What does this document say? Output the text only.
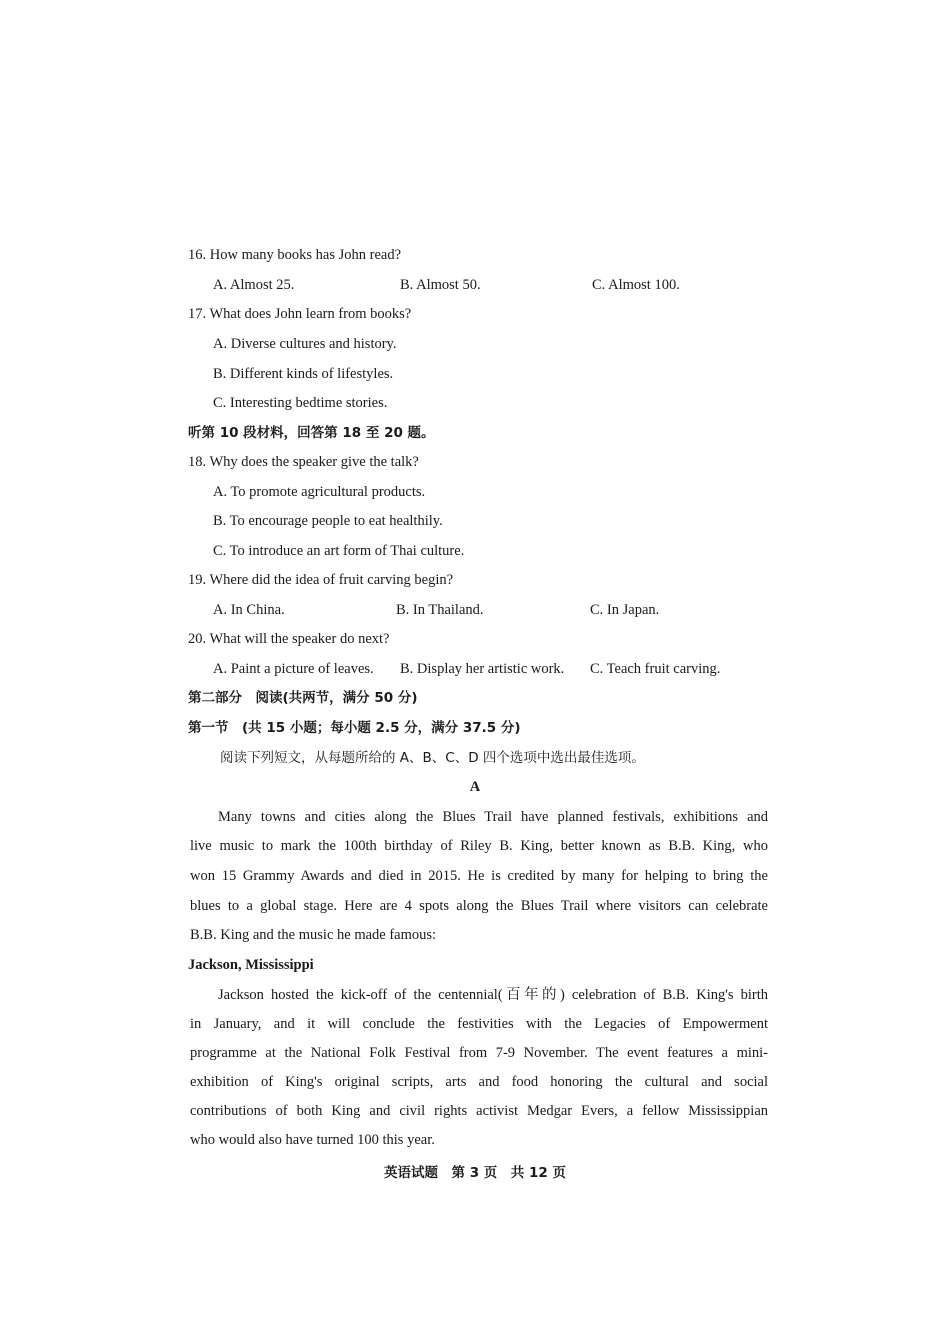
16. How many books has John read?
A. Almost 25.	B. Almost 50.	C. Almost 100.
17. What does John learn from books?
A. Diverse cultures and history.
B. Different kinds of lifestyles.
C. Interesting bedtime stories.
听第 10 段材料，回答第 18 至 20 题。
18. Why does the speaker give the talk?
A. To promote agricultural products.
B. To encourage people to eat healthily.
C. To introduce an art form of Thai culture.
19. Where did the idea of fruit carving begin?
A. In China.	B. In Thailand.	C. In Japan.
20. What will the speaker do next?
A. Paint a picture of leaves. B. Display her artistic work. C. Teach fruit carving.
第二部分　阅读(共两节，满分 50 分)
第一节　(共 15 小题；每小题 2.5 分，满分 37.5 分)
阅读下列短文，从每题所给的 A、B、C、D 四个选项中选出最佳选项。
A
Many towns and cities along the Blues Trail have planned festivals, exhibitions and
live music to mark the 100th birthday of Riley B. King, better known as B.B. King, who
won 15 Grammy Awards and died in 2015. He is credited by many for helping to bring the
blues to a global stage. Here are 4 spots along the Blues Trail where visitors can celebrate
B.B. King and the music he made famous:
Jackson, Mississippi
Jackson hosted the kick-off of the centennial(百年的) celebration of B.B. King's birth
in January, and it will conclude the festivities with the Legacies of Empowerment
programme at the National Folk Festival from 7-9 November. The event features a mini-
exhibition of King's original scripts, arts and food honoring the cultural and social
contributions of both King and civil rights activist Medgar Evers, a fellow Mississippian
who would also have turned 100 this year.
英语试题　第 3 页　共 12 页
